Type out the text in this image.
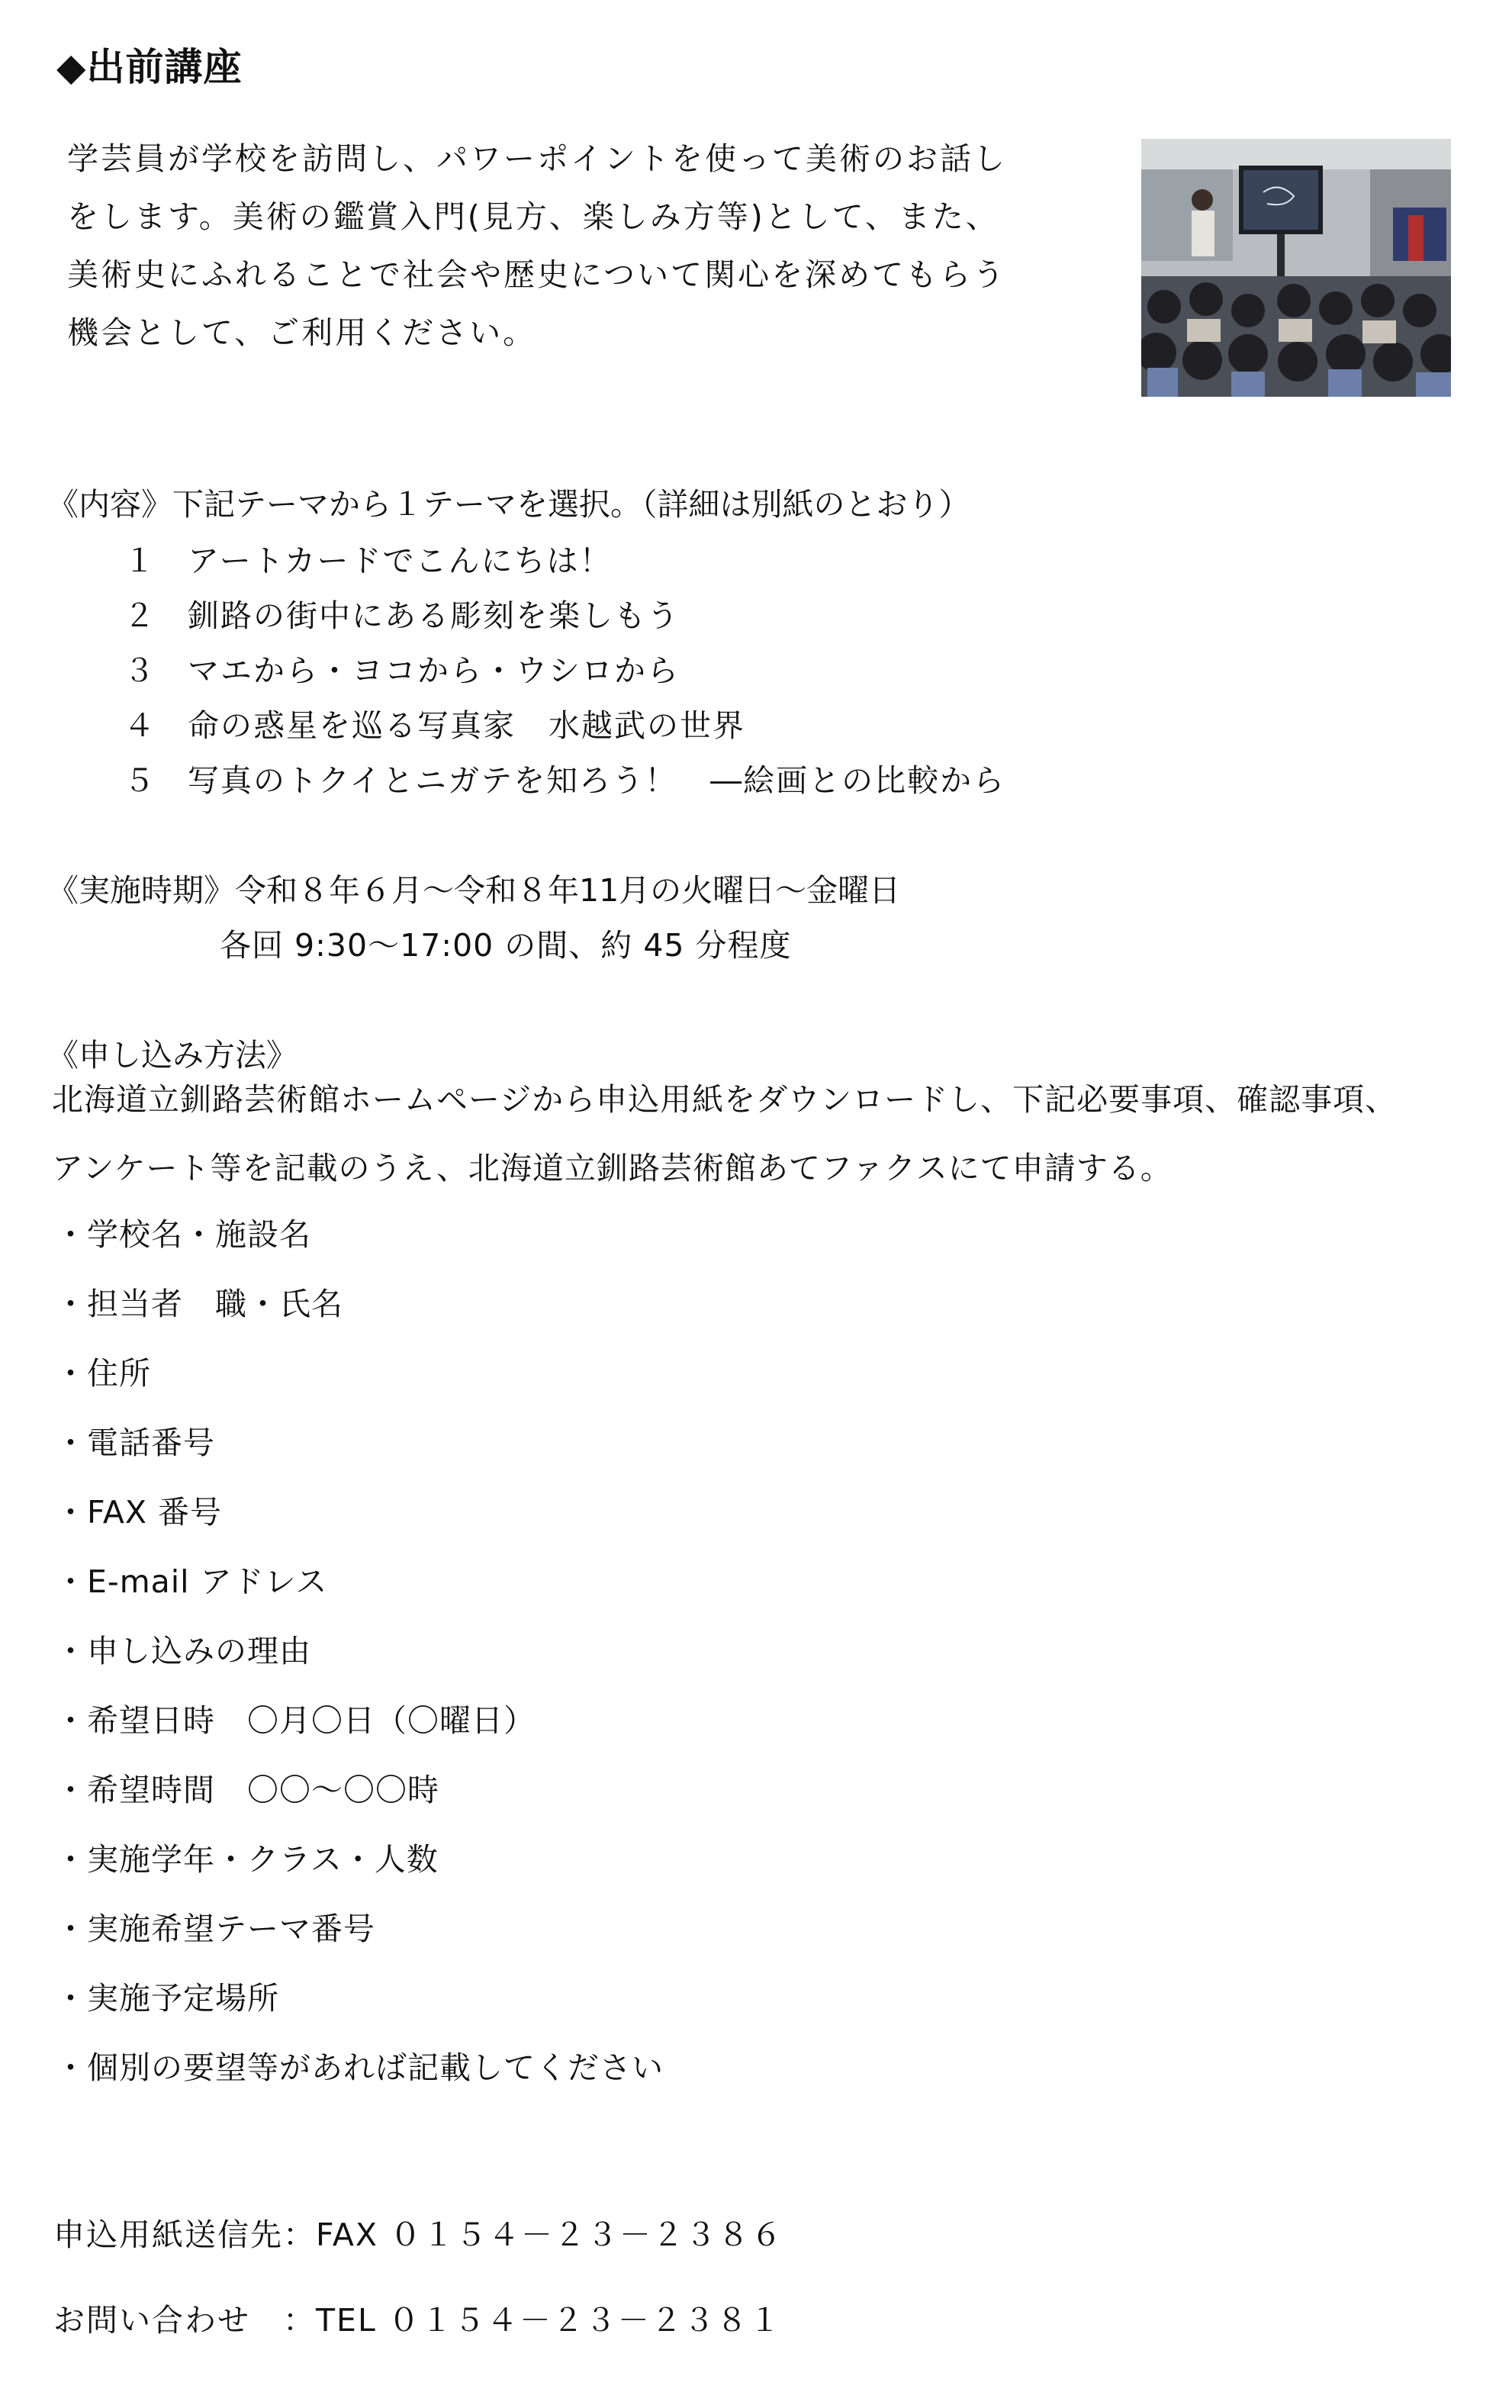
◆出前講座
学芸員が学校を訪問し、パワーポイントを使って美術のお話し
をします。美術の鑑賞入門(見方、楽しみ方等)として、また、
美術史にふれることで社会や歴史について関心を深めてもらう
機会として、ご利用ください。
《内容》下記テーマから１テーマを選択。（詳細は別紙のとおり）
１ アートカードでこんにちは！
２ 釧路の街中にある彫刻を楽しもう
３ マエから・ヨコから・ウシロから
４ 命の惑星を巡る写真家　水越武の世界
５ 写真のトクイとニガテを知ろう！　―絵画との比較から
《実施時期》令和８年６月～令和８年11月の火曜日～金曜日
各回 9:30～17:00 の間、約 45 分程度
《申し込み方法》
北海道立釧路芸術館ホームページから申込用紙をダウンロードし、下記必要事項、確認事項、
アンケート等を記載のうえ、北海道立釧路芸術館あてファクスにて申請する。
・学校名・施設名
・担当者　職・氏名
・住所
・電話番号
・FAX 番号
・E-mail アドレス
・申し込みの理由
・希望日時　〇月〇日（〇曜日）
・希望時間　〇〇～〇〇時
・実施学年・クラス・人数
・実施希望テーマ番号
・実施予定場所
・個別の要望等があれば記載してください
申込用紙送信先：FAX ０１５４－２３－２３８６
お問い合わせ　：TEL ０１５４－２３－２３８１
